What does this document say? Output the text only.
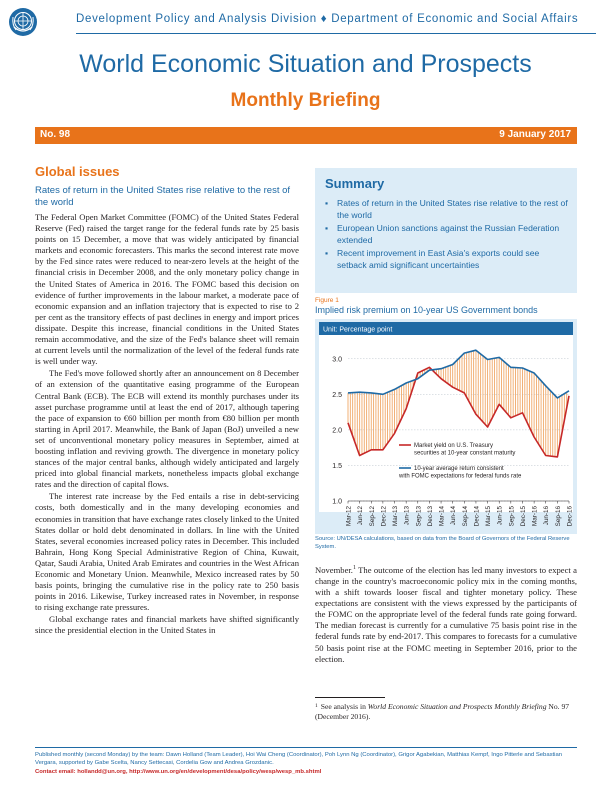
Development Policy and Analysis Division ♦ Department of Economic and Social Affairs
World Economic Situation and Prospects
Monthly Briefing
No. 98	9 January 2017
Global issues
Rates of return in the United States rise relative to the rest of the world

The Federal Open Market Committee (FOMC) of the United States Federal Reserve (Fed) raised the target range for the federal funds rate by 25 basis points on 15 December, a move that was widely anticipated by financial markets and economic forecasters. This marks the second interest rate move by the Fed since rates were reduced to near-zero levels at the height of the financial crisis in December 2008, and the only monetary policy change in the United States of America in 2016. The FOMC based this decision on evidence of further improvements in the labour market, a moderate pace of economic expansion and an inflation trajectory that is expected to rise to 2 per cent as the transitory effects of past declines in energy and import prices dissipate. Despite this increase, financial conditions in the United States remain accommodative, and the size of the Fed's balance sheet will remain at current levels until the normalization of the level of the federal funds rate is well under way.

The Fed's move followed shortly after an announcement on 8 December of an extension of the quantitative easing programme of the European Central Bank (ECB). The ECB will extend its monthly purchases under its asset purchase programme until at least the end of 2017, although tapering the pace of expansion to €60 billion per month from €80 billion per month starting in April 2017. Meanwhile, the Bank of Japan (BoJ) unveiled a new set of unconventional monetary policy measures in September, aimed at boosting inflation and reviving growth. The divergence in monetary policy stances of the major central banks, although widely anticipated and largely priced into global financial markets, nonetheless impacts global exchange rates and the direction of capital flows.

The interest rate increase by the Fed entails a rise in debt-servicing costs, both domestically and in the many developing economies and economies in transition that have exchange rates closely linked to the United States dollar or hold debt denominated in dollars. In line with the United States, several economies increased policy rates in December. This included Bahrain, Hong Kong Special Administrative Region of China, Kuwait, Qatar, Saudi Arabia, United Arab Emirates and countries in the West African Economic and Monetary Union. Meanwhile, Mexico increased rates by 50 basis points, bringing the cumulative rise in the policy rate to 250 basis points in 2016. Likewise, Turkey increased rates in November, in response to rising exchange rate pressures.

Global exchange rates and financial markets have shifted significantly since the presidential election in the United States in

Summary
▪ Rates of return in the United States rise relative to the rest of the world
▪ European Union sanctions against the Russian Federation extended
▪ Recent improvement in East Asia's exports could see setback amid significant uncertainties
Figure 1
Implied risk premium on 10-year US Government bonds
Unit: Percentage point
1.0
1.5
2.0
2.5
3.0
Mar-12 Jun-12 Sep-12 Dec-12 Mar-13 Jun-13 Sep-13 Dec-13 Mar-14 Jun-14 Sep-14 Dec-14 Mar-15 Jun-15 Sep-15 Dec-15 Mar-16 Jun-16 Sep-16 Dec-16
Market yield on U.S. Treasury securities at 10-year constant maturity
10-year average return consistent with FOMC expectations for federal funds rate
Source: UN/DESA calculations, based on data from the Board of Governors of the Federal Reserve System.

November.$^1$ The outcome of the election has led many investors to expect a change in the country's macroeconomic policy mix in the coming months, with a shift towards looser fiscal and tighter monetary policy. These expectations are consistent with the views expressed by the participants of the FOMC on the appropriate level of the federal funds rate going forward. The median forecast is currently for a cumulative 75 basis point rise in the federal funds rate by end-2017. This compares to forecasts for a cumulative 50 basis point rise at the FOMC meeting in September 2016, prior to the election.

$^1$ See analysis in World Economic Situation and Prospects Monthly Briefing No. 97 (December 2016).
Published monthly (second Monday) by the team: Dawn Holland (Team Leader), Hoi Wai Cheng (Coordinator), Poh Lynn Ng (Coordinator), Grigor Agabekian, Matthias Kempf, Ingo Pitterle and Sebastian Vergara, supported by Gabe Scelta, Nancy Settecasi, Cordelia Gow and Andrea Grozdanic.
Contact email: hollandd@un.org, http://www.un.org/en/development/desa/policy/wesp/wesp_mb.shtml
